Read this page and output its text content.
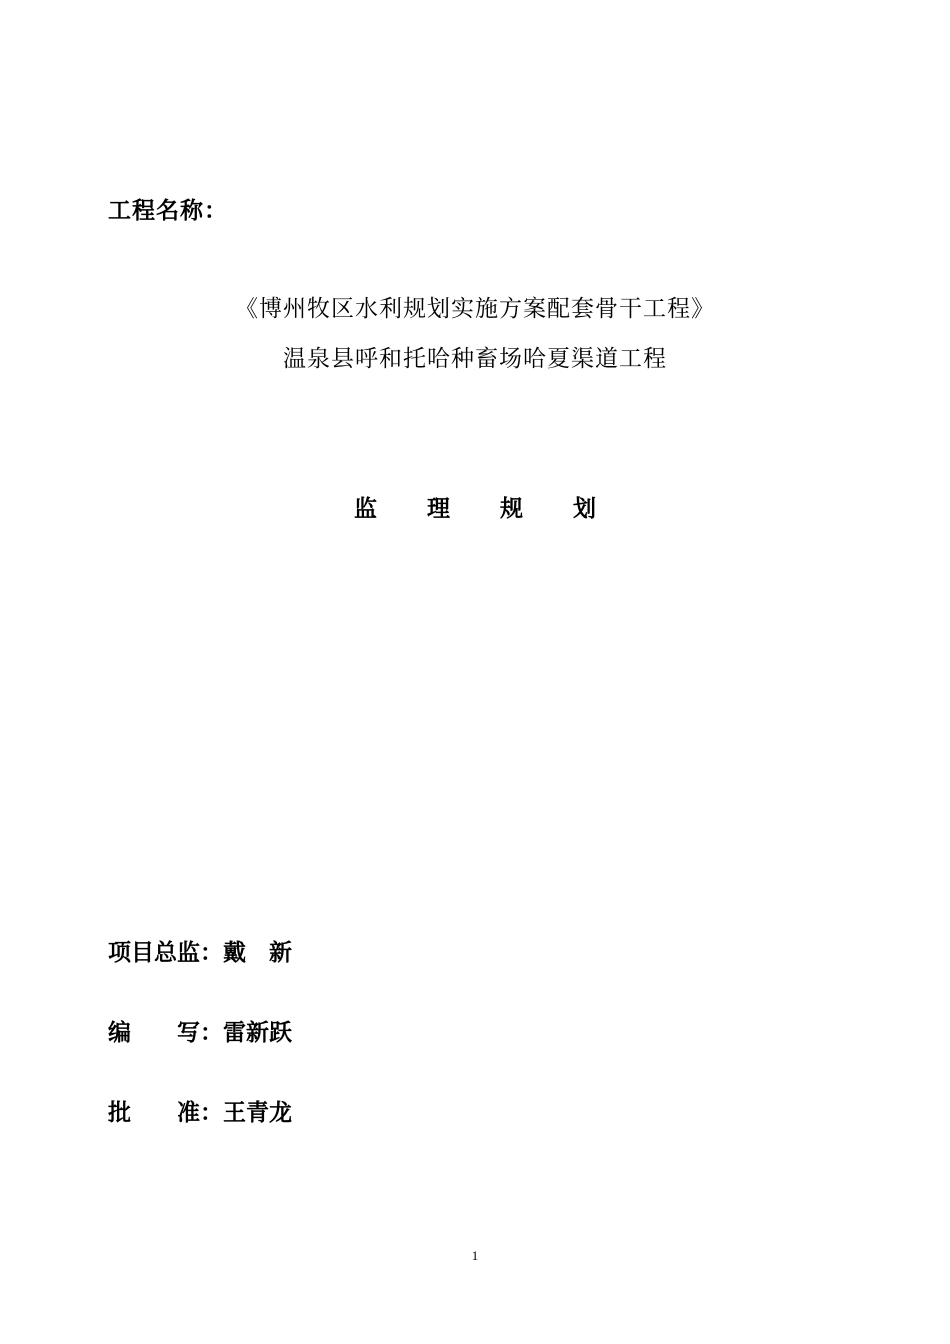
工程名称：
《博州牧区水利规划实施方案配套骨干工程》
温泉县呼和托哈种畜场哈夏渠道工程
监 理 规 划
项目总监：戴　新
编　　写：雷新跃
批　　准：王青龙
1
